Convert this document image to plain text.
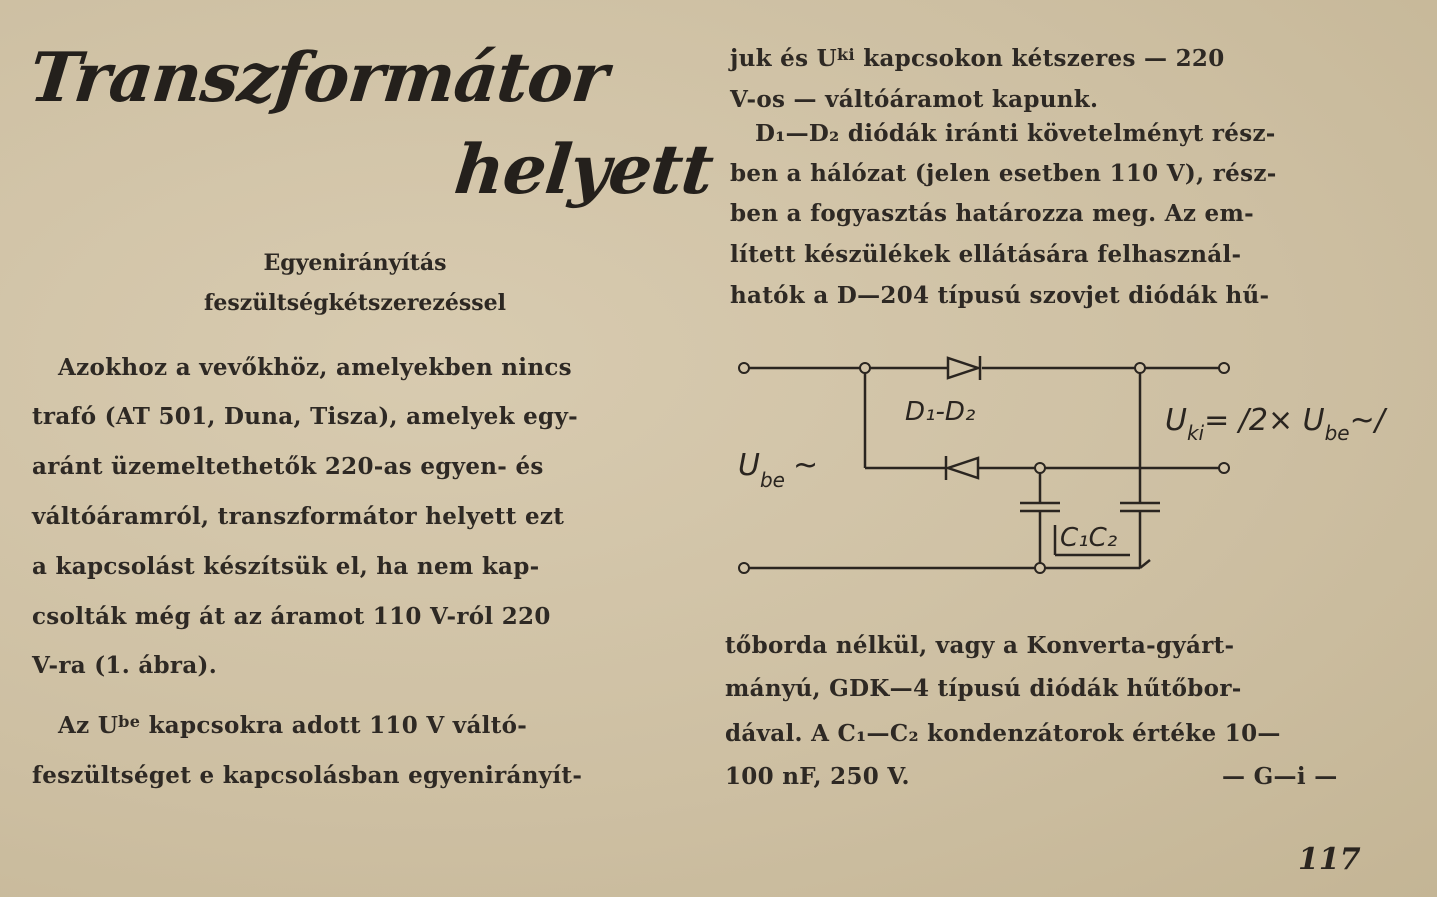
Transzformátor
helyett
Egyenirányítás
feszültségkétszerezéssel
Azokhoz a vevőkhöz, amelyekben nincs
trafó (AT 501, Duna, Tisza), amelyek egy-
aránt üzemeltethetők 220-as egyen- és
váltóáramról, transzformátor helyett ezt
a kapcsolást készítsük el, ha nem kap-
csolták még át az áramot 110 V-ról 220
V-ra (1. ábra).
Az U be kapcsokra adott 110 V váltó-
feszültséget e kapcsolásban egyenirányít-
juk és U ki kapcsokon kétszeres — 220
V-os — váltóáramot kapunk.
D₁—D₂ diódák iránti követelményt rész-
ben a hálózat (jelen esetben 110 V), rész-
ben a fogyasztás határozza meg. Az em-
lített készülékek ellátására felhasznál-
hatók a D—204 típusú szovjet diódák hű-
D₁-D₂
C₁C₂
$U_{be}$ ~
$U_{ki}= /2\times$ $U_{be}\sim/$
tőborda nélkül, vagy a Konverta-gyárt-
mányú, GDK—4 típusú diódák hűtőbor-
dával. A C₁—C₂ kondenzátorok értéke 10—
100 nF, 250 V.	— G—i —
117
